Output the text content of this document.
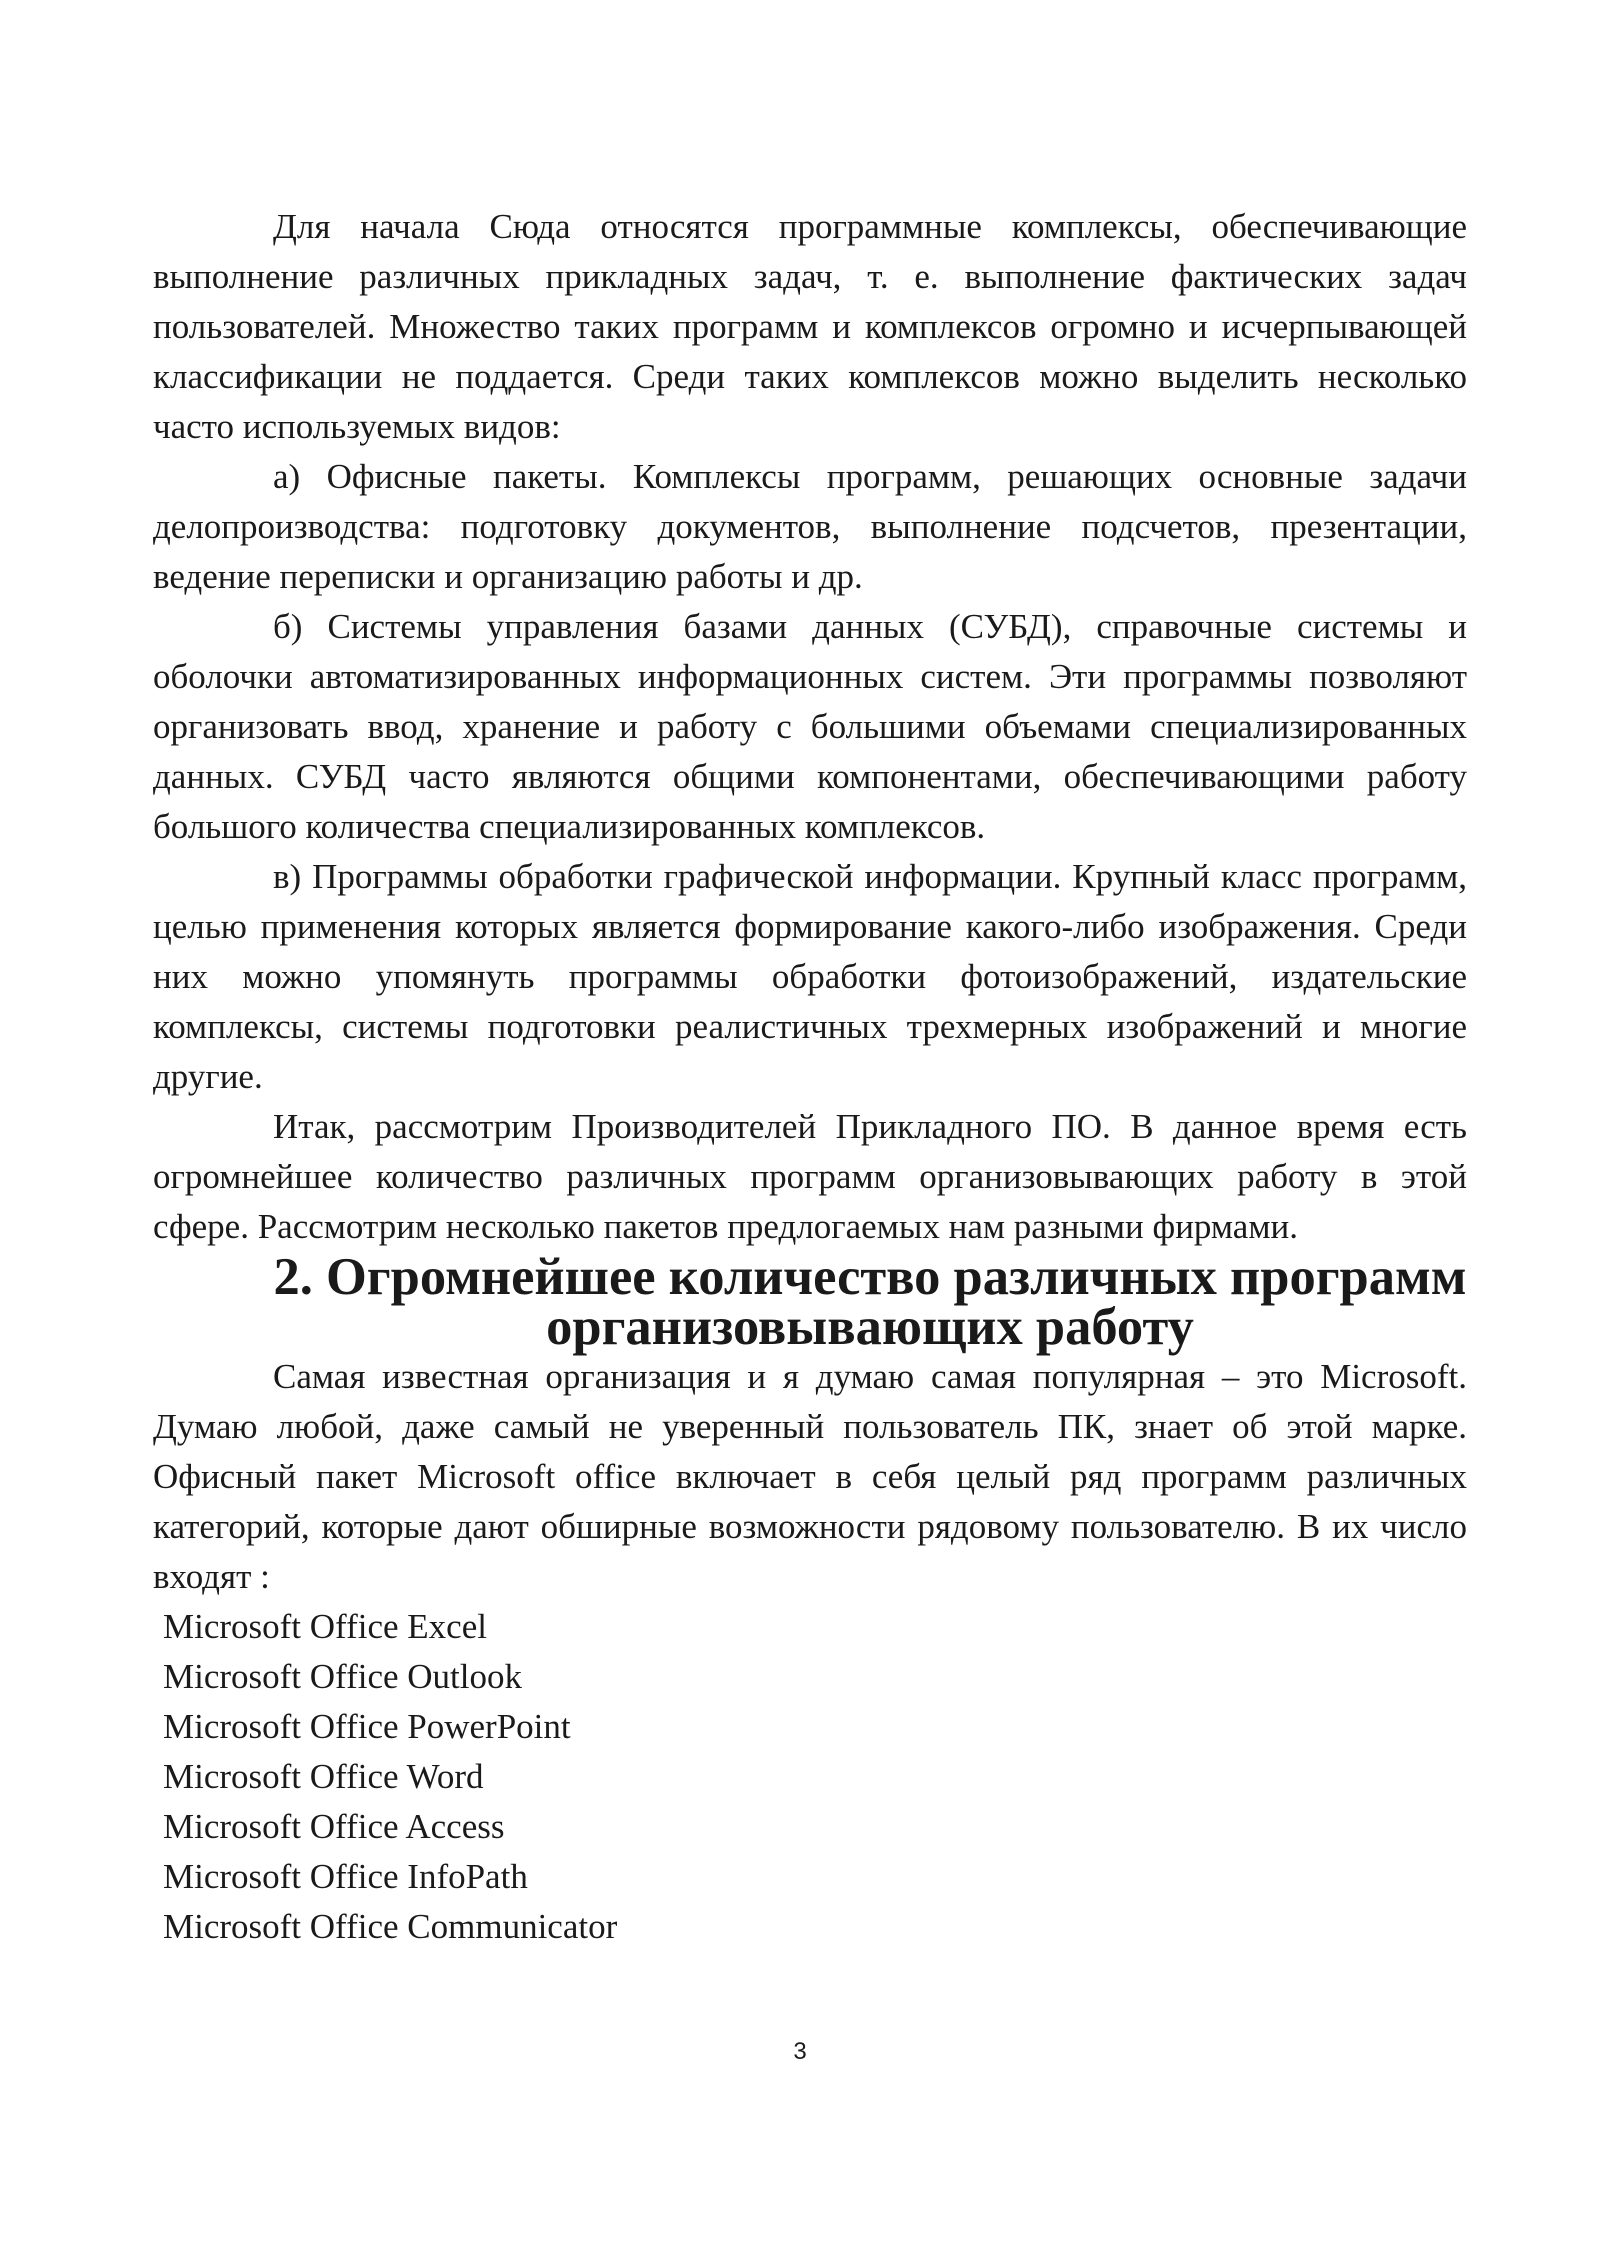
Для начала Сюда относятся программные комплексы, обеспечивающие выполнение различных прикладных задач, т. е. выполнение фактических задач пользователей. Множество таких программ и комплексов огромно и исчерпывающей классификации не поддается. Среди таких комплексов можно выделить несколько часто используемых видов:

а) Офисные пакеты. Комплексы программ, решающих основные задачи делопроизводства: подготовку документов, выполнение подсчетов, презентации, ведение переписки и организацию работы и др.

б) Системы управления базами данных (СУБД), справочные системы и оболочки автоматизированных информационных систем. Эти программы позволяют организовать ввод, хранение и работу с большими объемами специализированных данных. СУБД часто являются общими компонентами, обеспечивающими работу большого количества специализированных комплексов.

в) Программы обработки графической информации. Крупный класс программ, целью применения которых является формирование какого-либо изображения. Среди них можно упомянуть программы обработки фотоизображений, издательские комплексы, системы подготовки реалистичных трехмерных изображений и многие другие.

Итак, рассмотрим Производителей Прикладного ПО. В данное время есть огромнейшее количество различных программ организовывающих работу в этой сфере. Рассмотрим несколько пакетов предлогаемых нам разными фирмами.

2. Огромнейшее количество различных программ
организовывающих работу

Самая известная организация и я думаю самая популярная – это Microsoft. Думаю любой, даже самый не уверенный пользователь ПК, знает об этой марке. Офисный пакет Microsoft office включает в себя целый ряд программ различных категорий, которые дают обширные возможности рядовому пользователю. В их число входят :

Microsoft Office Excel
Microsoft Office Outlook
Microsoft Office PowerPoint
Microsoft Office Word
Microsoft Office Access
Microsoft Office InfoPath
Microsoft Office Communicator
3
